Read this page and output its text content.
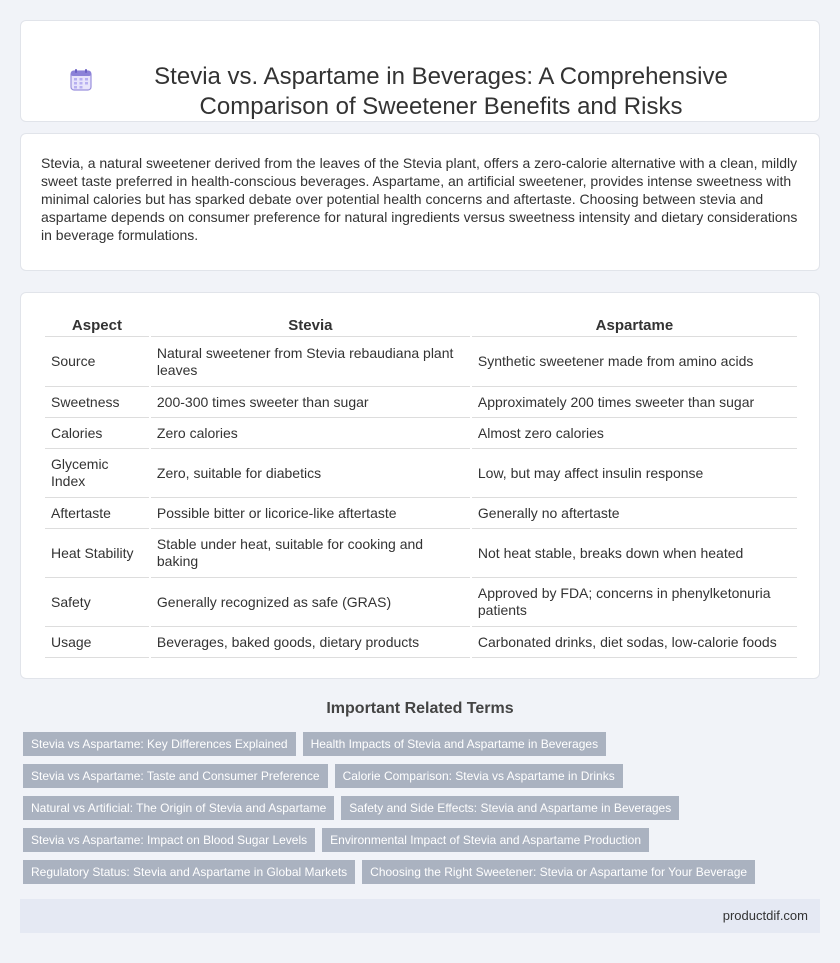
Stevia vs. Aspartame in Beverages: A Comprehensive Comparison of Sweetener Benefits and Risks

Stevia, a natural sweetener derived from the leaves of the Stevia plant, offers a zero-calorie alternative with a clean, mildly sweet taste preferred in health-conscious beverages. Aspartame, an artificial sweetener, provides intense sweetness with minimal calories but has sparked debate over potential health concerns and aftertaste. Choosing between stevia and aspartame depends on consumer preference for natural ingredients versus sweetness intensity and dietary considerations in beverage formulations.

Aspect	Stevia	Aspartame
Source	Natural sweetener from Stevia rebaudiana plant leaves	Synthetic sweetener made from amino acids
Sweetness	200-300 times sweeter than sugar	Approximately 200 times sweeter than sugar
Calories	Zero calories	Almost zero calories
Glycemic Index	Zero, suitable for diabetics	Low, but may affect insulin response
Aftertaste	Possible bitter or licorice-like aftertaste	Generally no aftertaste
Heat Stability	Stable under heat, suitable for cooking and baking	Not heat stable, breaks down when heated
Safety	Generally recognized as safe (GRAS)	Approved by FDA; concerns in phenylketonuria patients
Usage	Beverages, baked goods, dietary products	Carbonated drinks, diet sodas, low-calorie foods
Important Related Terms
Stevia vs Aspartame: Key Differences Explained	Health Impacts of Stevia and Aspartame in Beverages
Stevia vs Aspartame: Taste and Consumer Preference	Calorie Comparison: Stevia vs Aspartame in Drinks
Natural vs Artificial: The Origin of Stevia and Aspartame	Safety and Side Effects: Stevia and Aspartame in Beverages
Stevia vs Aspartame: Impact on Blood Sugar Levels	Environmental Impact of Stevia and Aspartame Production
Regulatory Status: Stevia and Aspartame in Global Markets	Choosing the Right Sweetener: Stevia or Aspartame for Your Beverage
productdif.com
